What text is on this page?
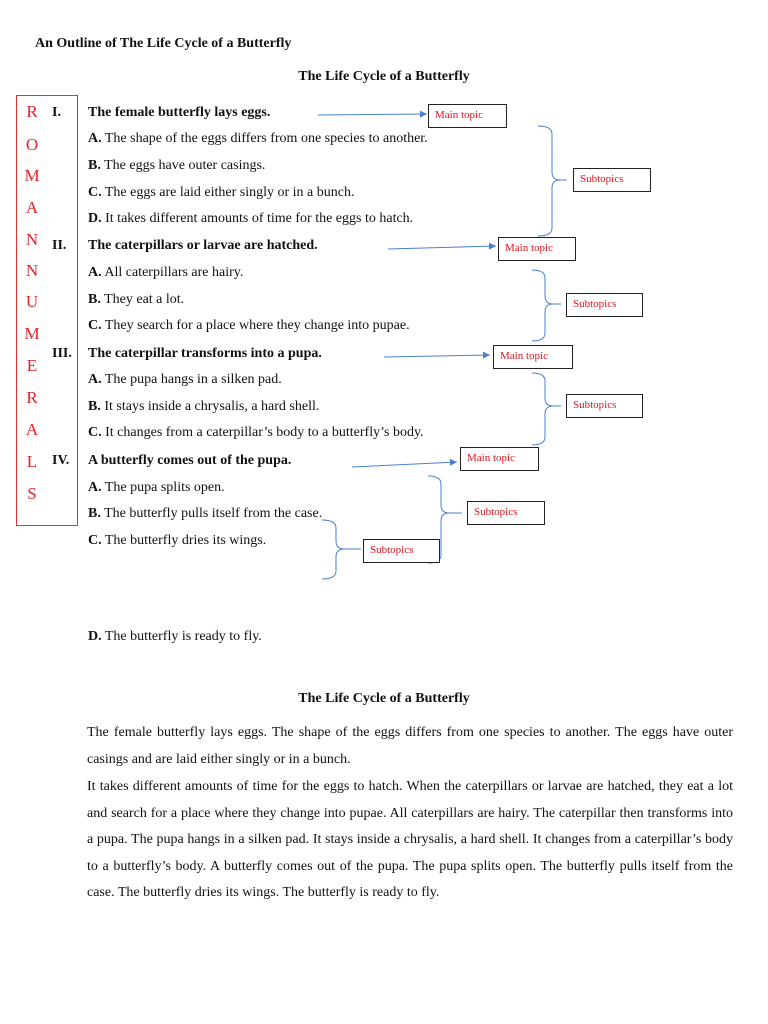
An Outline of The Life Cycle of a Butterfly
The Life Cycle of a Butterfly
R
O
M
A
N
N
U
M
E
R
A
L
S
I. The female butterfly lays eggs.
A. The shape of the eggs differs from one species to another.
B. The eggs have outer casings.
C. The eggs are laid either singly or in a bunch.
D. It takes different amounts of time for the eggs to hatch.
II. The caterpillars or larvae are hatched.
A. All caterpillars are hairy.
B. They eat a lot.
C. They search for a place where they change into pupae.
III. The caterpillar transforms into a pupa.
A. The pupa hangs in a silken pad.
B. It stays inside a chrysalis, a hard shell.
C. It changes from a caterpillar’s body to a butterfly’s body.
IV. A butterfly comes out of the pupa.
A. The pupa splits open.
B. The butterfly pulls itself from the case.
C. The butterfly dries its wings.
D. The butterfly is ready to fly.
Main topic
Main topic
Main topic
Main topic
Subtopics
Subtopics
Subtopics
Subtopics
Subtopics
The Life Cycle of a Butterfly

The female butterfly lays eggs. The shape of the eggs differs from one species to another. The eggs have outer casings and are laid either singly or in a bunch.

It takes different amounts of time for the eggs to hatch. When the caterpillars or larvae are hatched, they eat a lot and search for a place where they change into pupae. All caterpillars are hairy. The caterpillar then transforms into a pupa. The pupa hangs in a silken pad. It stays inside a chrysalis, a hard shell. It changes from a caterpillar’s body to a butterfly’s body. A butterfly comes out of the pupa. The pupa splits open. The butterfly pulls itself from the case. The butterfly dries its wings. The butterfly is ready to fly.
